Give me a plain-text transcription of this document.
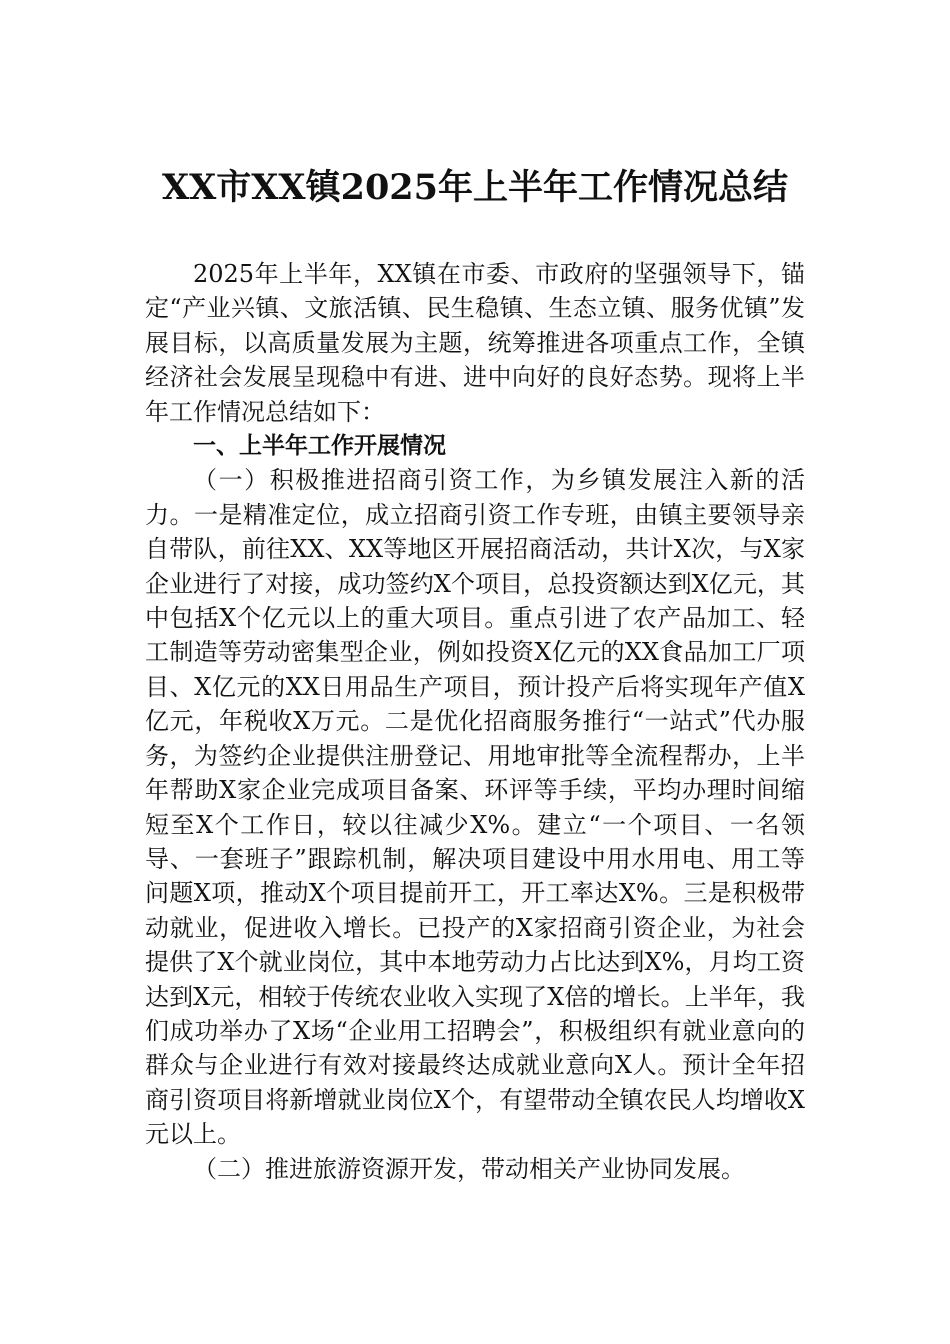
XX市XX镇2025年上半年工作情况总结

2025年上半年，XX镇在市委、市政府的坚强领导下，锚定“产业兴镇、文旅活镇、民生稳镇、生态立镇、服务优镇”发展目标，以高质量发展为主题，统筹推进各项重点工作，全镇经济社会发展呈现稳中有进、进中向好的良好态势。现将上半年工作情况总结如下：

一、上半年工作开展情况

（一）积极推进招商引资工作，为乡镇发展注入新的活力。一是精准定位，成立招商引资工作专班，由镇主要领导亲自带队，前往XX、XX等地区开展招商活动，共计X次，与X家企业进行了对接，成功签约X个项目，总投资额达到X亿元，其中包括X个亿元以上的重大项目。重点引进了农产品加工、轻工制造等劳动密集型企业，例如投资X亿元的XX食品加工厂项目、X亿元的XX日用品生产项目，预计投产后将实现年产值X亿元，年税收X万元。二是优化招商服务推行“一站式”代办服务，为签约企业提供注册登记、用地审批等全流程帮办，上半年帮助X家企业完成项目备案、环评等手续，平均办理时间缩短至X个工作日，较以往减少X%。建立“一个项目、一名领导、一套班子”跟踪机制，解决项目建设中用水用电、用工等问题X项，推动X个项目提前开工，开工率达X%。三是积极带动就业，促进收入增长。已投产的X家招商引资企业，为社会提供了X个就业岗位，其中本地劳动力占比达到X%，月均工资达到X元，相较于传统农业收入实现了X倍的增长。上半年，我们成功举办了X场“企业用工招聘会”，积极组织有就业意向的群众与企业进行有效对接最终达成就业意向X人。预计全年招商引资项目将新增就业岗位X个，有望带动全镇农民人均增收X元以上。

（二）推进旅游资源开发，带动相关产业协同发展。
